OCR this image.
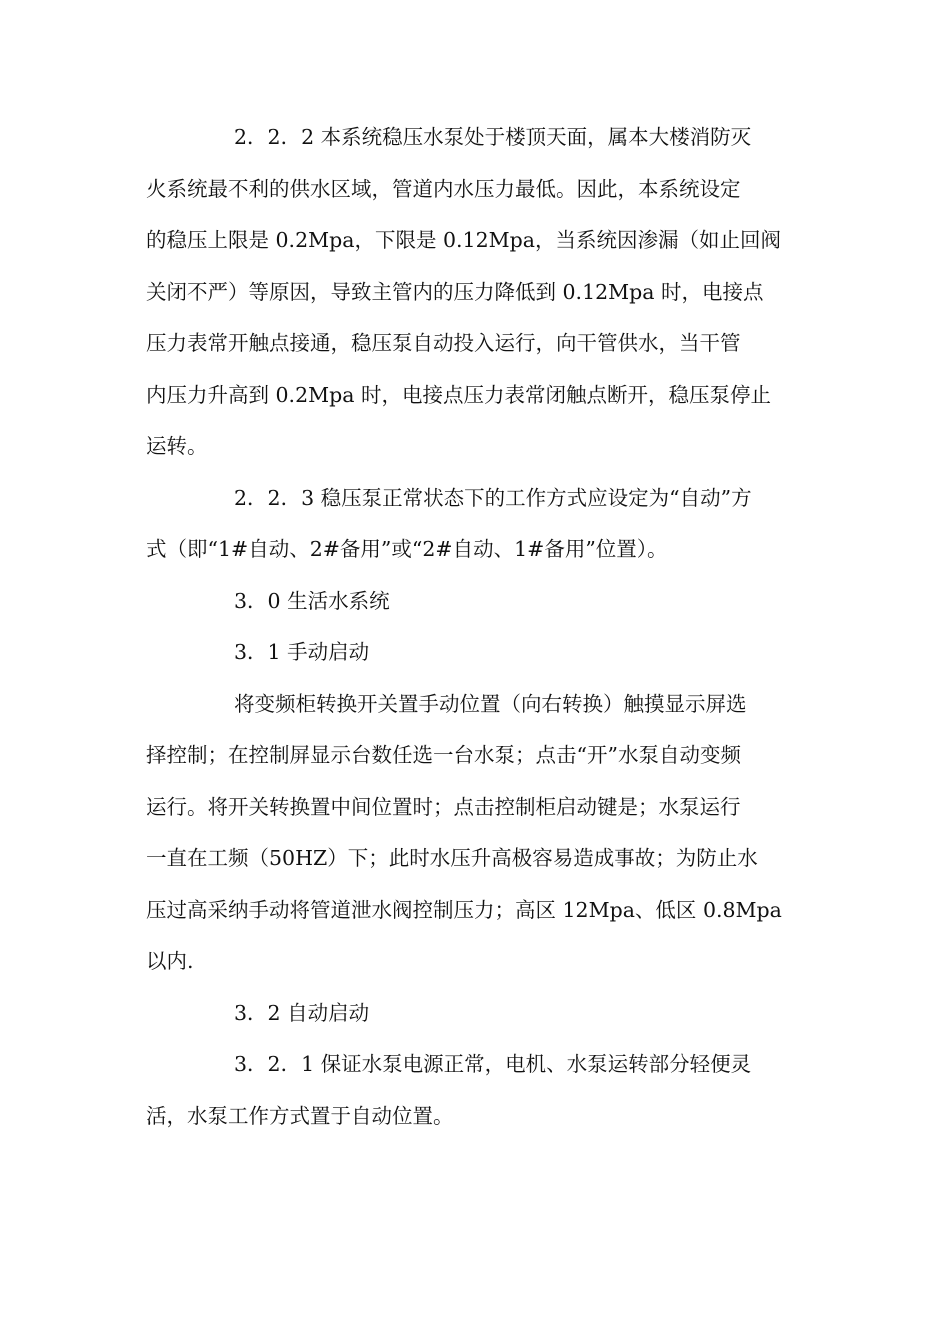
2．2．2 本系统稳压水泵处于楼顶天面，属本大楼消防灭
火系统最不利的供水区域，管道内水压力最低。因此，本系统设定
的稳压上限是 0.2Mpa，下限是 0.12Mpa，当系统因渗漏（如止回阀
关闭不严）等原因，导致主管内的压力降低到 0.12Mpa 时，电接点
压力表常开触点接通，稳压泵自动投入运行，向干管供水，当干管
内压力升高到 0.2Mpa 时，电接点压力表常闭触点断开，稳压泵停止
运转。
2．2．3 稳压泵正常状态下的工作方式应设定为“自动”方
式（即“1#自动、2#备用”或“2#自动、1#备用”位置）。
3．0 生活水系统
3．1 手动启动
将变频柜转换开关置手动位置（向右转换）触摸显示屏选
择控制；在控制屏显示台数任选一台水泵；点击“开”水泵自动变频
运行。将开关转换置中间位置时；点击控制柜启动键是；水泵运行
一直在工频（50HZ）下；此时水压升高极容易造成事故；为防止水
压过高采纳手动将管道泄水阀控制压力；高区 12Mpa、低区 0.8Mpa
以内.
3．2 自动启动
3．2．1 保证水泵电源正常，电机、水泵运转部分轻便灵
活，水泵工作方式置于自动位置。
